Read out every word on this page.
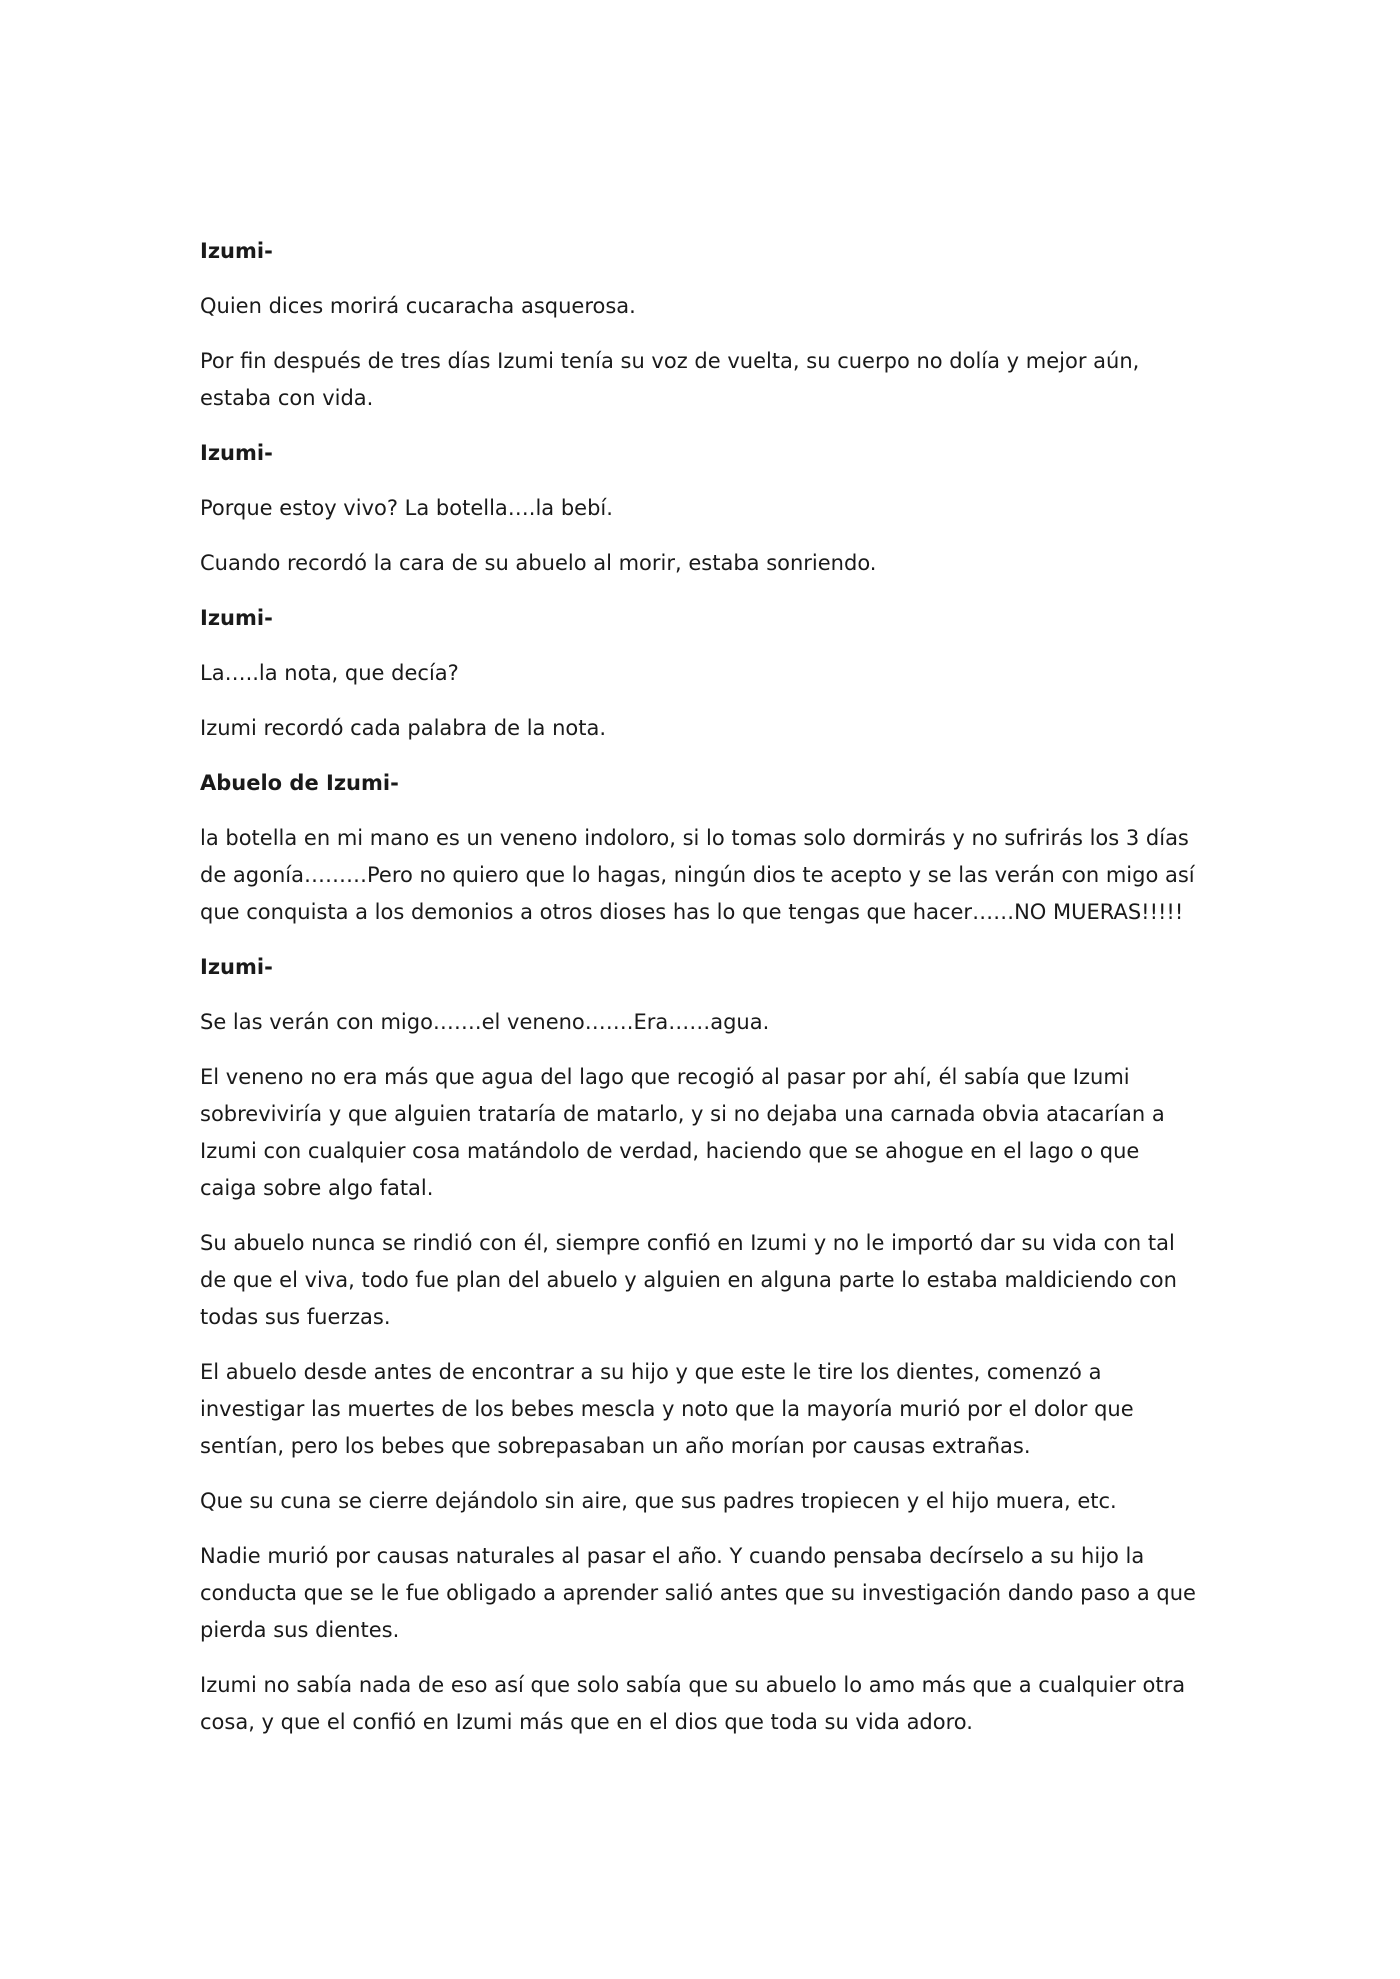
Izumi-

Quien dices morirá cucaracha asquerosa.

Por fin después de tres días Izumi tenía su voz de vuelta, su cuerpo no dolía y mejor aún, estaba con vida.

Izumi-

Porque estoy vivo? La botella….la bebí.

Cuando recordó la cara de su abuelo al morir, estaba sonriendo.

Izumi-

La…..la nota, que decía?

Izumi recordó cada palabra de la nota.

Abuelo de Izumi-

la botella en mi mano es un veneno indoloro, si lo tomas solo dormirás y no sufrirás los 3 días de agonía………Pero no quiero que lo hagas, ningún dios te acepto y se las verán con migo así que conquista a los demonios a otros dioses has lo que tengas que hacer……NO MUERAS!!!!!

Izumi-

Se las verán con migo…….el veneno…….Era……agua.

El veneno no era más que agua del lago que recogió al pasar por ahí, él sabía que Izumi sobreviviría y que alguien trataría de matarlo, y si no dejaba una carnada obvia atacarían a Izumi con cualquier cosa matándolo de verdad, haciendo que se ahogue en el lago o que caiga sobre algo fatal.

Su abuelo nunca se rindió con él, siempre confió en Izumi y no le importó dar su vida con tal de que el viva, todo fue plan del abuelo y alguien en alguna parte lo estaba maldiciendo con todas sus fuerzas.

El abuelo desde antes de encontrar a su hijo y que este le tire los dientes, comenzó a investigar las muertes de los bebes mescla y noto que la mayoría murió por el dolor que sentían, pero los bebes que sobrepasaban un año morían por causas extrañas.

Que su cuna se cierre dejándolo sin aire, que sus padres tropiecen y el hijo muera, etc.

Nadie murió por causas naturales al pasar el año. Y cuando pensaba decírselo a su hijo la conducta que se le fue obligado a aprender salió antes que su investigación dando paso a que pierda sus dientes.

Izumi no sabía nada de eso así que solo sabía que su abuelo lo amo más que a cualquier otra cosa, y que el confió en Izumi más que en el dios que toda su vida adoro.
